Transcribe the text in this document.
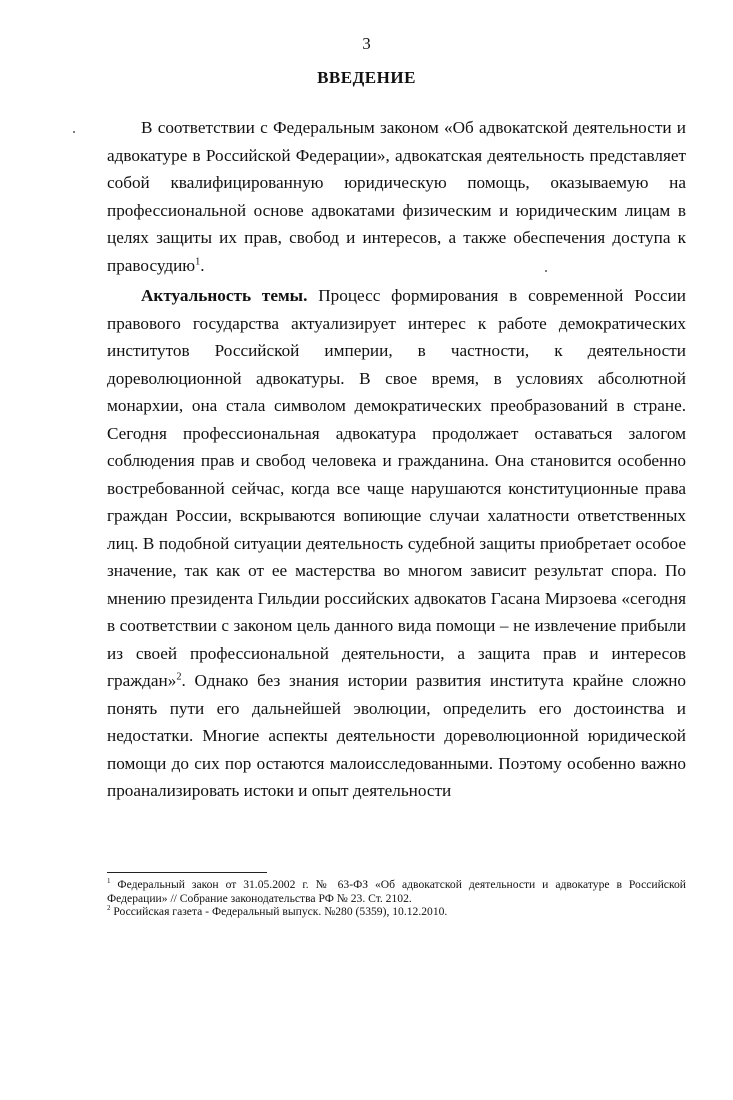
3
ВВЕДЕНИЕ

В соответствии с Федеральным законом «Об адвокатской деятельности и адвокатуре в Российской Федерации», адвокатская деятельность представляет собой квалифицированную юридическую помощь, оказываемую на профессиональной основе адвокатами физическим и юридическим лицам в целях защиты их прав, свобод и интересов, а также обеспечения доступа к правосудию$^1$.

Актуальность темы. Процесс формирования в современной России правового государства актуализирует интерес к работе демократических институтов Российской империи, в частности, к деятельности дореволюционной адвокатуры. В свое время, в условиях абсолютной монархии, она стала символом демократических преобразований в стране. Сегодня профессиональная адвокатура продолжает оставаться залогом соблюдения прав и свобод человека и гражданина. Она становится особенно востребованной сейчас, когда все чаще нарушаются конституционные права граждан России, вскрываются вопиющие случаи халатности ответственных лиц. В подобной ситуации деятельность судебной защиты приобретает особое значение, так как от ее мастерства во многом зависит результат спора. По мнению президента Гильдии российских адвокатов Гасана Мирзоева «сегодня в соответствии с законом цель данного вида помощи – не извлечение прибыли из своей профессиональной деятельности, а защита прав и интересов граждан»$^2$. Однако без знания истории развития института крайне сложно понять пути его дальнейшей эволюции, определить его достоинства и недостатки. Многие аспекты деятельности дореволюционной юридической помощи до сих пор остаются малоисследованными. Поэтому особенно важно проанализировать истоки и опыт деятельности

$^1$ Федеральный закон от 31.05.2002 г. № 63-ФЗ «Об адвокатской деятельности и адвокатуре в Российской Федерации» // Собрание законодательства РФ № 23. Ст. 2102.

$^2$ Российская газета - Федеральный выпуск. №280 (5359), 10.12.2010.
